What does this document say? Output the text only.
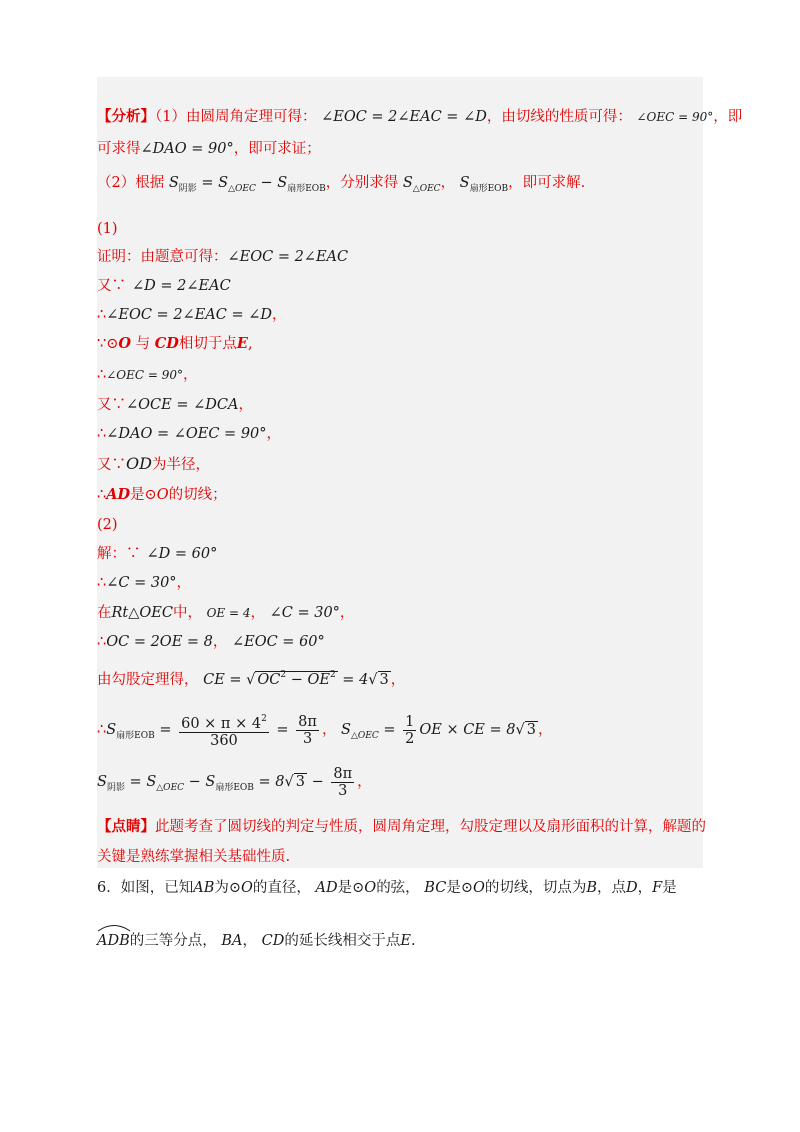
【分析】（1）由圆周角定理可得： ∠EOC = 2∠EAC = ∠D，由切线的性质可得： ∠OEC = 90°，即
可求得∠DAO = 90°，即可求证；
（2）根据 $S_{阴影} = S_{\triangle OEC} - S_{扇形EOB}$，分别求得 $S_{\triangle OEC}$， $S_{扇形EOB}$，即可求解.
(1)
证明：由题意可得：∠EOC = 2∠EAC
又∵ ∠D = 2∠EAC
∴∠EOC = 2∠EAC = ∠D，
∵⊙O 与 CD相切于点E,
∴∠OEC = 90°，
又∵∠OCE = ∠DCA，
∴∠DAO = ∠OEC = 90°，
又∵OD为半径，
∴AD是⊙O的切线；
(2)
解：∵ ∠D = 60°
∴∠C = 30°，
在Rt△OEC中， OE = 4， ∠C = 30°，
∴OC = 2OE = 8， ∠EOC = 60°
由勾股定理得， CE = √ $OC^2 - OE^2 = 4√$ 3 ，
$\therefore S_{扇形EOB} = \frac{60 \times \pi \times 4^2}{360} = \frac{8\pi}{3}$ ， $S_{\triangle OEC} = \frac{1}{2}$ OE × CE = 8√ 3 ，
$S_{阴影} = S_{\triangle OEC} - S_{扇形EOB} = 8√$ $3 - \frac{8\pi}{3}$ ，
【点睛】此题考查了圆切线的判定与性质，圆周角定理，勾股定理以及扇形面积的计算，解题的
关键是熟练掌握相关基础性质.
6．如图，已知AB为⊙O的直径， AD是⊙O的弦， BC是⊙O的切线，切点为B，点D，F是
ADB的三等分点， BA， CD的延长线相交于点E.
